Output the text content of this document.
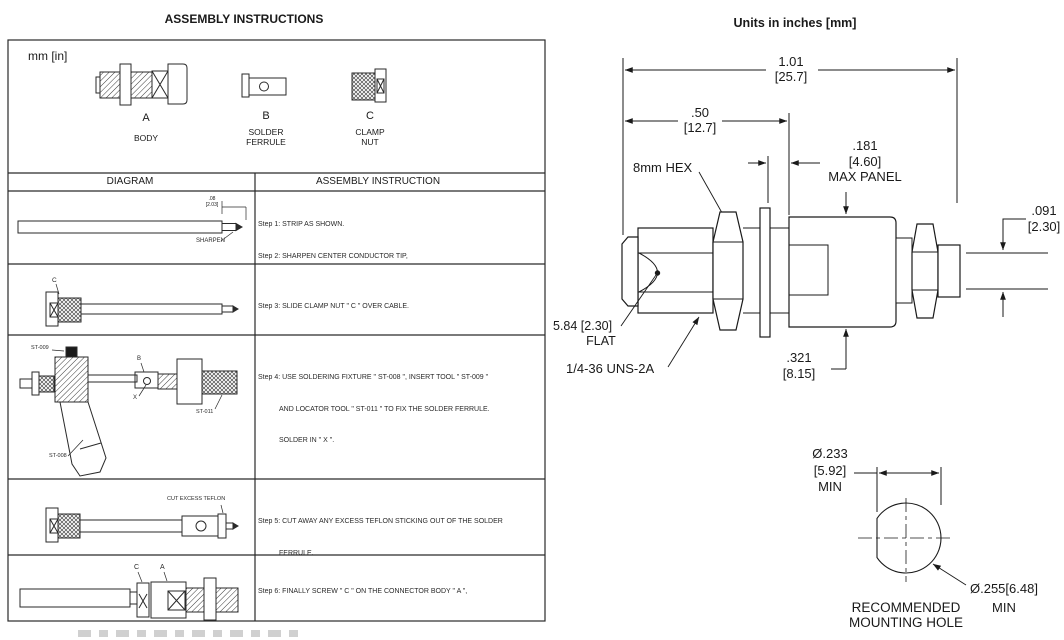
ASSEMBLY INSTRUCTIONS	Units in inches [mm]
mm [in]
A
BODY
B
SOLDER
FERRULE
C
CLAMP
NUT
DIAGRAM	ASSEMBLY INSTRUCTION

Step 1: STRIP AS SHOWN.

Step 2: SHARPEN CENTER CONDUCTOR TIP,

Step 3: SLIDE CLAMP NUT " C " OVER CABLE.

Step 4: USE SOLDERING FIXTURE " ST-008 ", INSERT TOOL " ST-009 "

AND LOCATOR TOOL " ST-011 " TO FIX THE SOLDER FERRULE.

SOLDER IN " X ".

Step 5: CUT AWAY ANY EXCESS TEFLON STICKING OUT OF THE SOLDER

FERRULE.

Step 6: FINALLY SCREW " C " ON THE CONNECTOR BODY " A ",

.08
[2.03]
SHARPEN
C
ST-009
B
X
ST-011
ST-008
CUT EXCESS TEFLON
C	A
1.01
[25.7]
.50
[12.7]
.181
[4.60]
MAX PANEL
8mm HEX
.091
[2.30]
5.84 [2.30]
FLAT
1/4-36 UNS-2A
.321
[8.15]
Ø.233
[5.92]
MIN
Ø.255[6.48]
MIN
RECOMMENDED
MOUNTING HOLE
